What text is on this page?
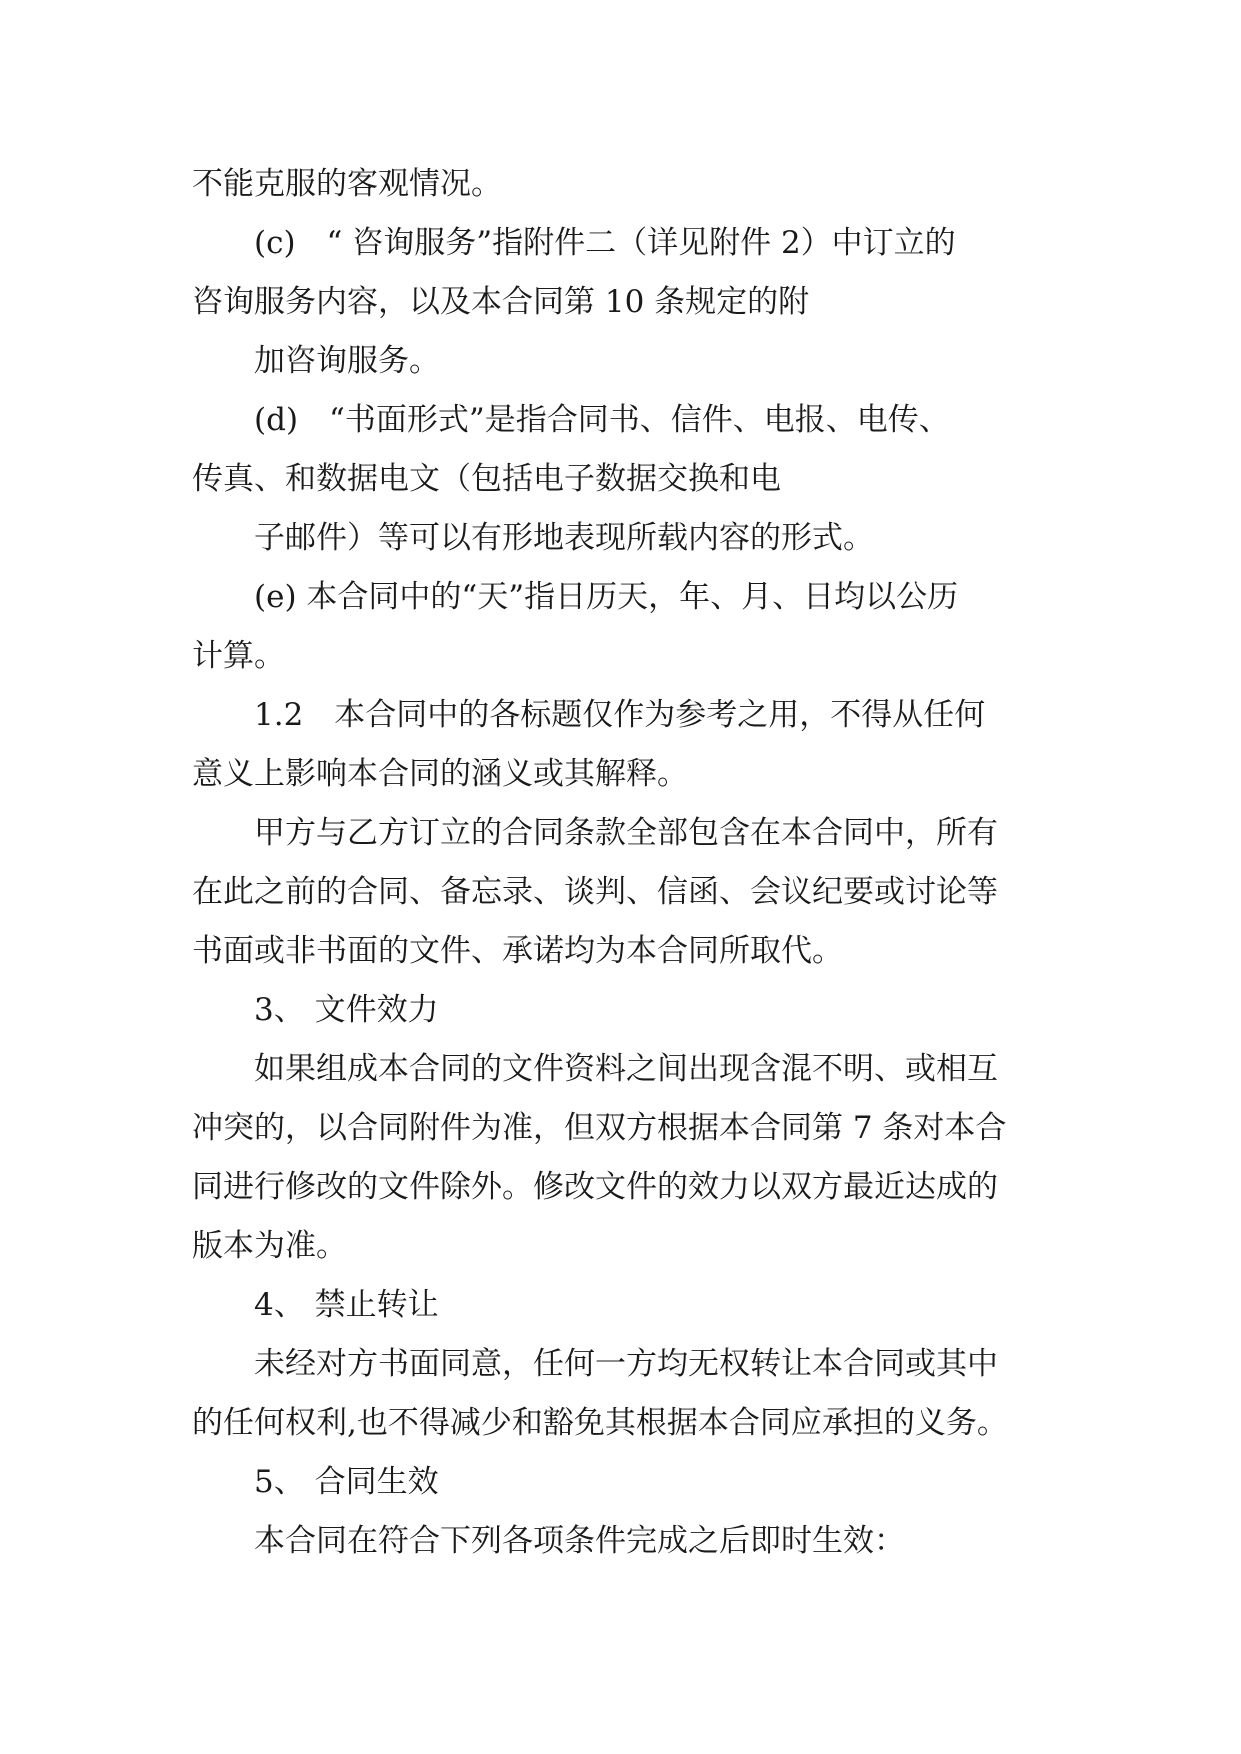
不能克服的客观情况。
(c)　“ 咨询服务”指附件二（详见附件 2）中订立的
咨询服务内容，以及本合同第 10 条规定的附
加咨询服务。
(d)　“书面形式”是指合同书、信件、电报、电传、
传真、和数据电文（包括电子数据交换和电
子邮件）等可以有形地表现所载内容的形式。
(e) 本合同中的“天”指日历天，年、月、日均以公历
计算。
1.2　本合同中的各标题仅作为参考之用，不得从任何
意义上影响本合同的涵义或其解释。
甲方与乙方订立的合同条款全部包含在本合同中，所有
在此之前的合同、备忘录、谈判、信函、会议纪要或讨论等
书面或非书面的文件、承诺均为本合同所取代。
3、 文件效力
如果组成本合同的文件资料之间出现含混不明、或相互
冲突的，以合同附件为准，但双方根据本合同第 7 条对本合
同进行修改的文件除外。修改文件的效力以双方最近达成的
版本为准。
4、 禁止转让
未经对方书面同意，任何一方均无权转让本合同或其中
的任何权利,也不得减少和豁免其根据本合同应承担的义务。
5、 合同生效
本合同在符合下列各项条件完成之后即时生效：
